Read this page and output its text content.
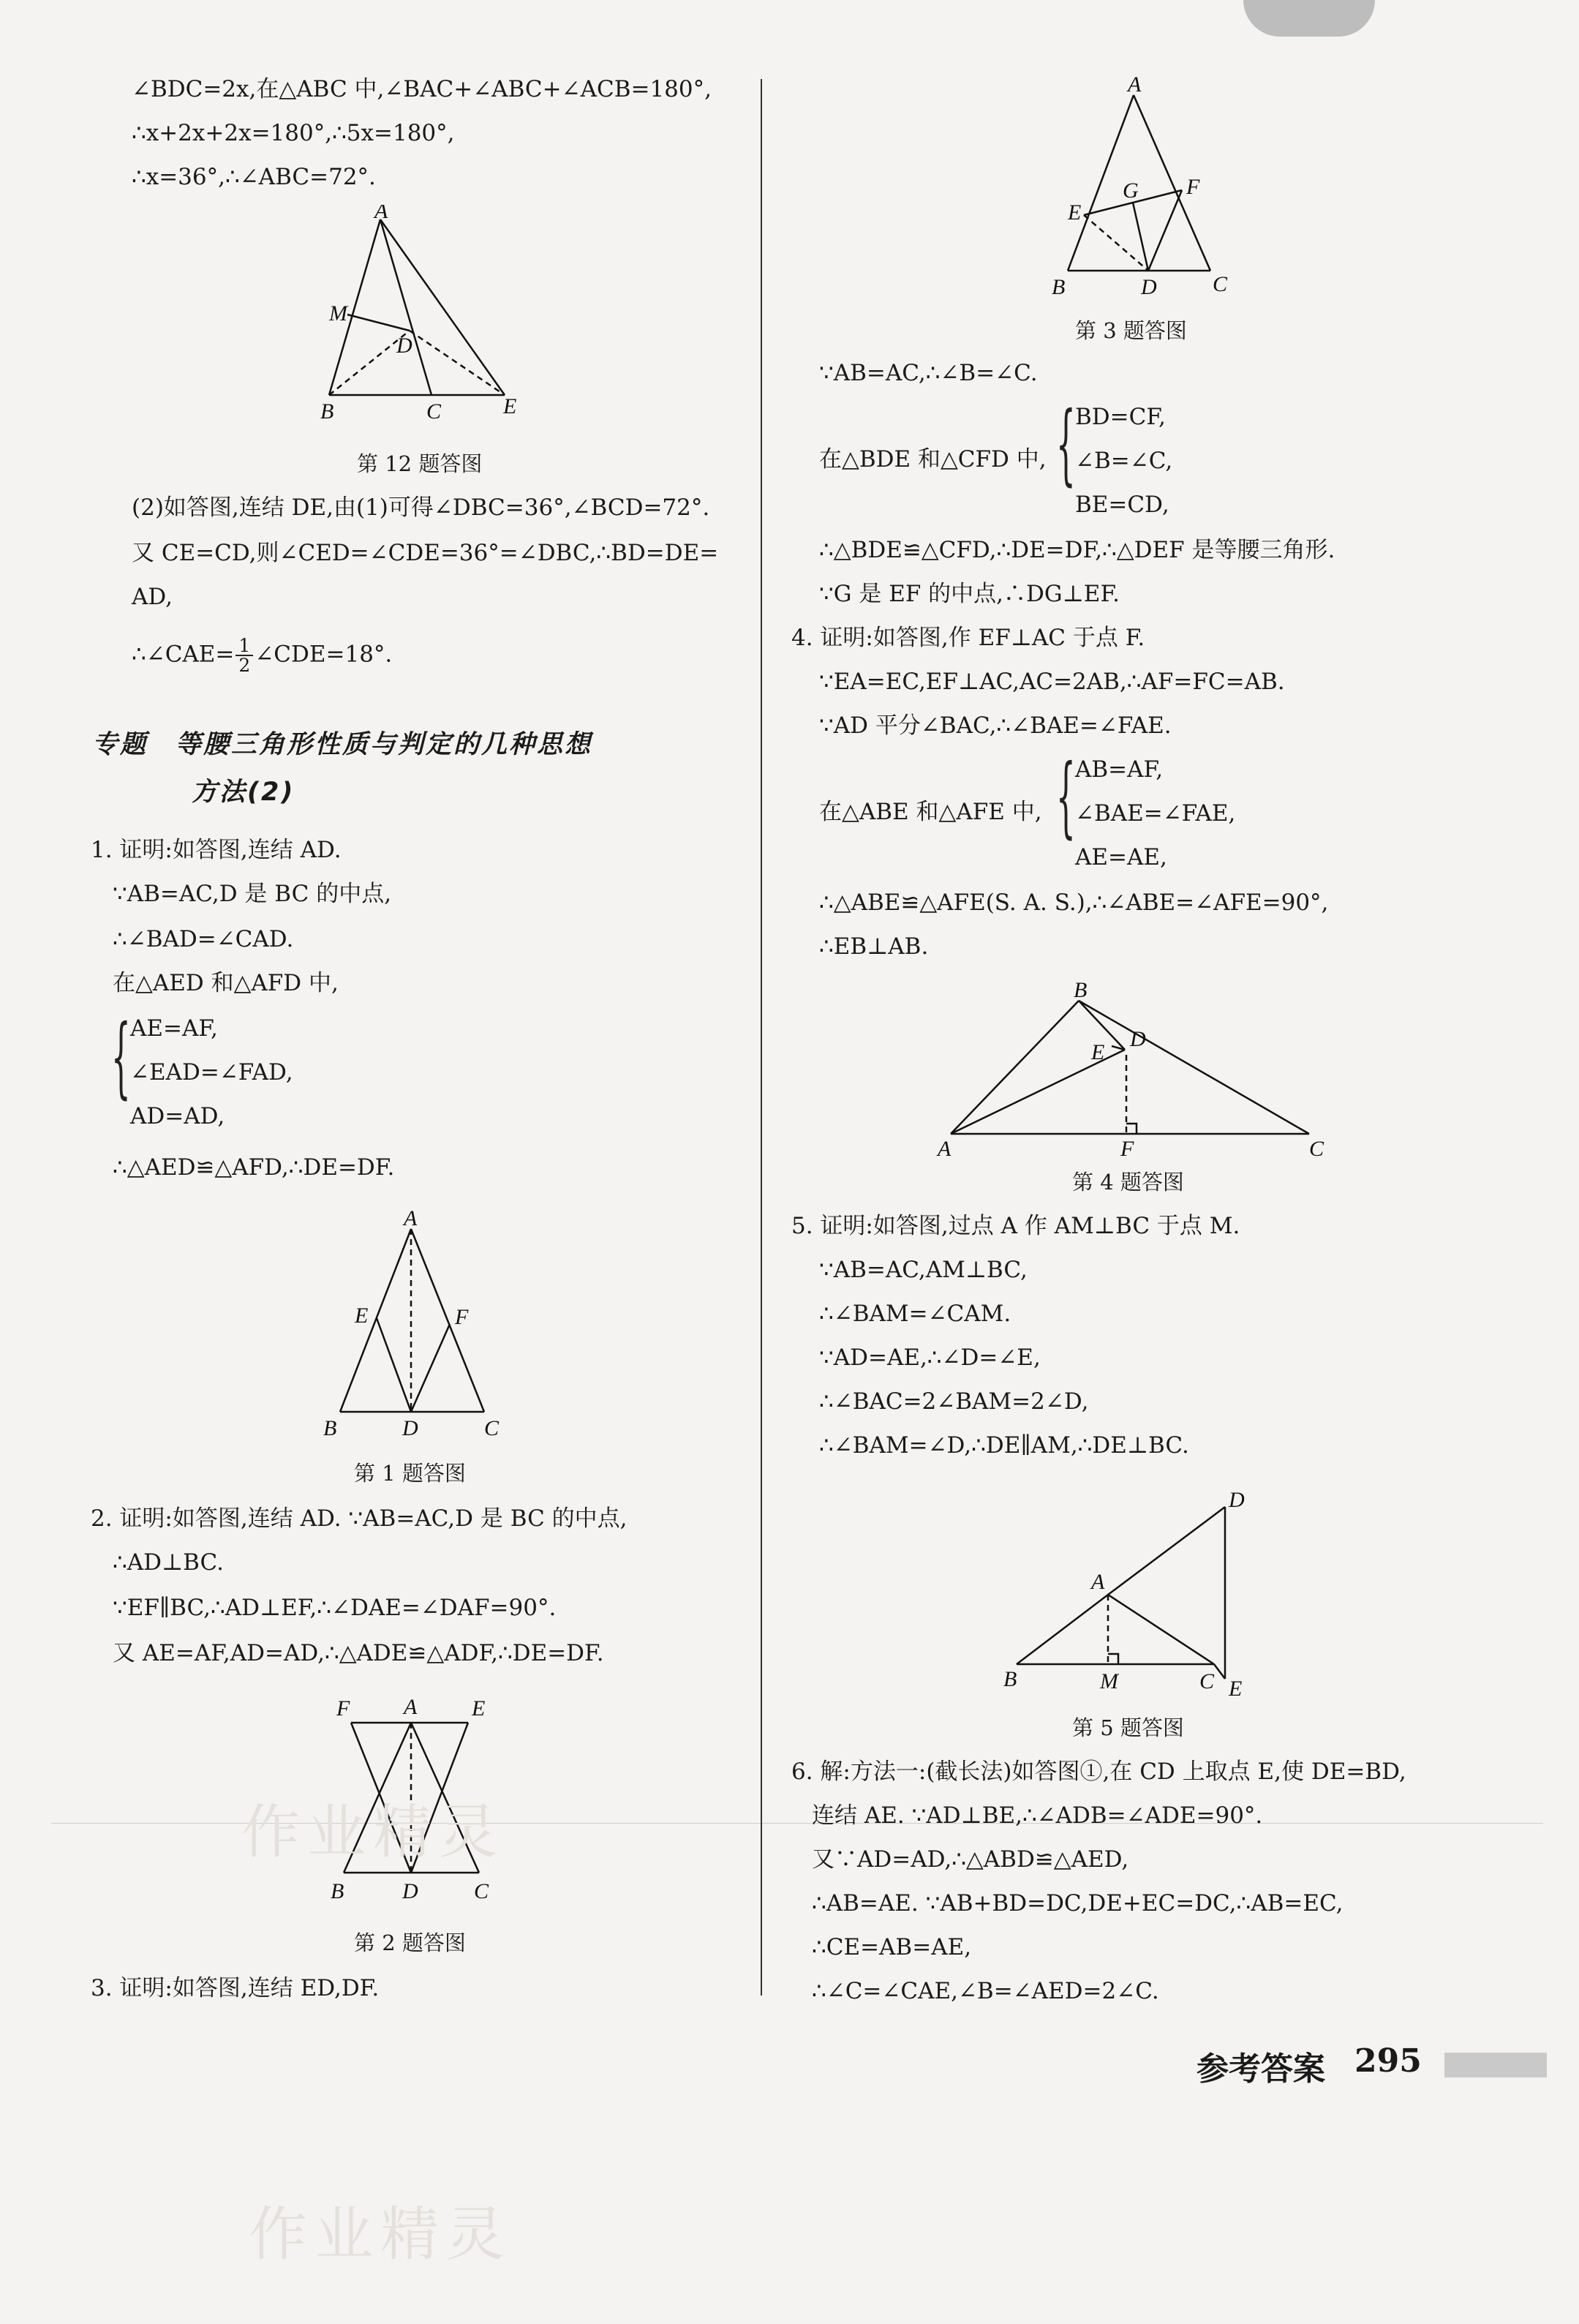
∠BDC=2x,在△ABC 中,∠BAC+∠ABC+∠ACB=180°,
∴x+2x+2x=180°,∴5x=180°,
∴x=36°,∴∠ABC=72°.
A
M
D
B	C	E
第 12 题答图
(2)如答图,连结 DE,由(1)可得∠DBC=36°,∠BCD=72°.
又 CE=CD,则∠CED=∠CDE=36°=∠DBC,∴BD=DE=
AD,
∴∠CAE= $\frac{1}{2}$ ∠CDE=18°.
专题　等腰三角形性质与判定的几种思想
方法(2)
1. 证明:如答图,连结 AD.
∵AB=AC,D 是 BC 的中点,
∴∠BAD=∠CAD.
在△AED 和△AFD 中,
{ AE=AF,
∠EAD=∠FAD,
AD=AD,
∴△AED≌△AFD,∴DE=DF.
A
E	F
B	D	C
第 1 题答图
2. 证明:如答图,连结 AD. ∵AB=AC,D 是 BC 的中点,
∴AD⊥BC.
∵EF∥BC,∴AD⊥EF,∴∠DAE=∠DAF=90°.
又 AE=AF,AD=AD,∴△ADE≌△ADF,∴DE=DF.
F A E
B	D	C
第 2 题答图
3. 证明:如答图,连结 ED,DF.
A
G F
E
B	D	C
第 3 题答图
∵AB=AC,∴∠B=∠C.
{ BD=CF,
在△BDE 和△CFD 中, ∠B=∠C,
BE=CD,
∴△BDE≌△CFD,∴DE=DF,∴△DEF 是等腰三角形.
∵G 是 EF 的中点,∴DG⊥EF.
4. 证明:如答图,作 EF⊥AC 于点 F.
∵EA=EC,EF⊥AC,AC=2AB,∴AF=FC=AB.
∵AD 平分∠BAC,∴∠BAE=∠FAE.
{ AB=AF,
在△ABE 和△AFE 中, ∠BAE=∠FAE,
AE=AE,
∴△ABE≌△AFE(S. A. S.),∴∠ABE=∠AFE=90°,
∴EB⊥AB.
B
D
E
A	F	C
第 4 题答图
5. 证明:如答图,过点 A 作 AM⊥BC 于点 M.
∵AB=AC,AM⊥BC,
∴∠BAM=∠CAM.
∵AD=AE,∴∠D=∠E,
∴∠BAC=2∠BAM=2∠D,
∴∠BAM=∠D,∴DE∥AM,∴DE⊥BC.
D
A
B	M	C E
第 5 题答图
6. 解:方法一:(截长法)如答图①,在 CD 上取点 E,使 DE=BD,
连结 AE. ∵AD⊥BE,∴∠ADB=∠ADE=90°.
又∵AD=AD,∴△ABD≌△AED,
∴AB=AE. ∵AB+BD=DC,DE+EC=DC,∴AB=EC,
∴CE=AB=AE,
∴∠C=∠CAE,∠B=∠AED=2∠C.
参考答案 295
作业精灵
作业精灵
